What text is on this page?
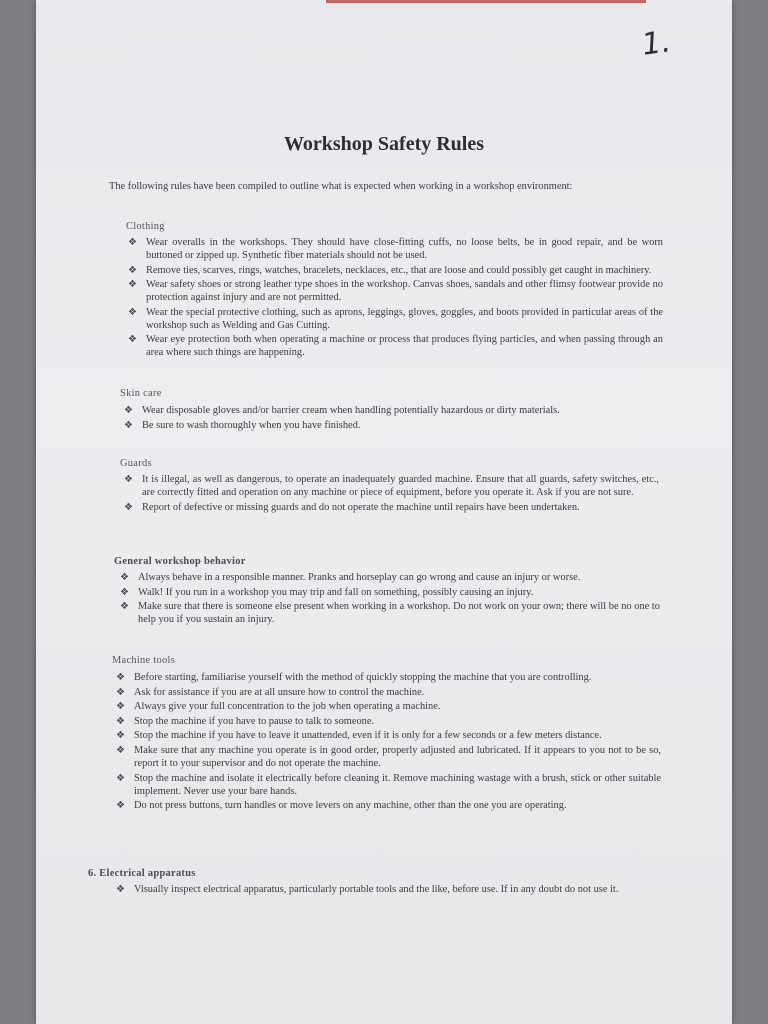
1.
Workshop Safety Rules
The following rules have been compiled to outline what is expected when working in a workshop environment:
Clothing
❖ Wear overalls in the workshops. They should have close-fitting cuffs, no loose belts, be in good repair, and be worn buttoned or zipped up. Synthetic fiber materials should not be used.
❖ Remove ties, scarves, rings, watches, bracelets, necklaces, etc., that are loose and could possibly get caught in machinery.
❖ Wear safety shoes or strong leather type shoes in the workshop. Canvas shoes, sandals and other flimsy footwear provide no protection against injury and are not permitted.
❖ Wear the special protective clothing, such as aprons, leggings, gloves, goggles, and boots provided in particular areas of the workshop such as Welding and Gas Cutting.
❖ Wear eye protection both when operating a machine or process that produces flying particles, and when passing through an area where such things are happening.
Skin care
❖ Wear disposable gloves and/or barrier cream when handling potentially hazardous or dirty materials.
❖ Be sure to wash thoroughly when you have finished.
Guards
❖ It is illegal, as well as dangerous, to operate an inadequately guarded machine. Ensure that all guards, safety switches, etc., are correctly fitted and operation on any machine or piece of equipment, before you operate it. Ask if you are not sure.
❖ Report of defective or missing guards and do not operate the machine until repairs have been undertaken.
General workshop behavior
❖ Always behave in a responsible manner. Pranks and horseplay can go wrong and cause an injury or worse.
❖ Walk! If you run in a workshop you may trip and fall on something, possibly causing an injury.
❖ Make sure that there is someone else present when working in a workshop. Do not work on your own; there will be no one to help you if you sustain an injury.
Machine tools
❖ Before starting, familiarise yourself with the method of quickly stopping the machine that you are controlling.
❖ Ask for assistance if you are at all unsure how to control the machine.
❖ Always give your full concentration to the job when operating a machine.
❖ Stop the machine if you have to pause to talk to someone.
❖ Stop the machine if you have to leave it unattended, even if it is only for a few seconds or a few meters distance.
❖ Make sure that any machine you operate is in good order, properly adjusted and lubricated. If it appears to you not to be so, report it to your supervisor and do not operate the machine.
❖ Stop the machine and isolate it electrically before cleaning it. Remove machining wastage with a brush, stick or other suitable implement. Never use your bare hands.
❖ Do not press buttons, turn handles or move levers on any machine, other than the one you are operating.
6. Electrical apparatus
❖ Visually inspect electrical apparatus, particularly portable tools and the like, before use. If in any doubt do not use it.
